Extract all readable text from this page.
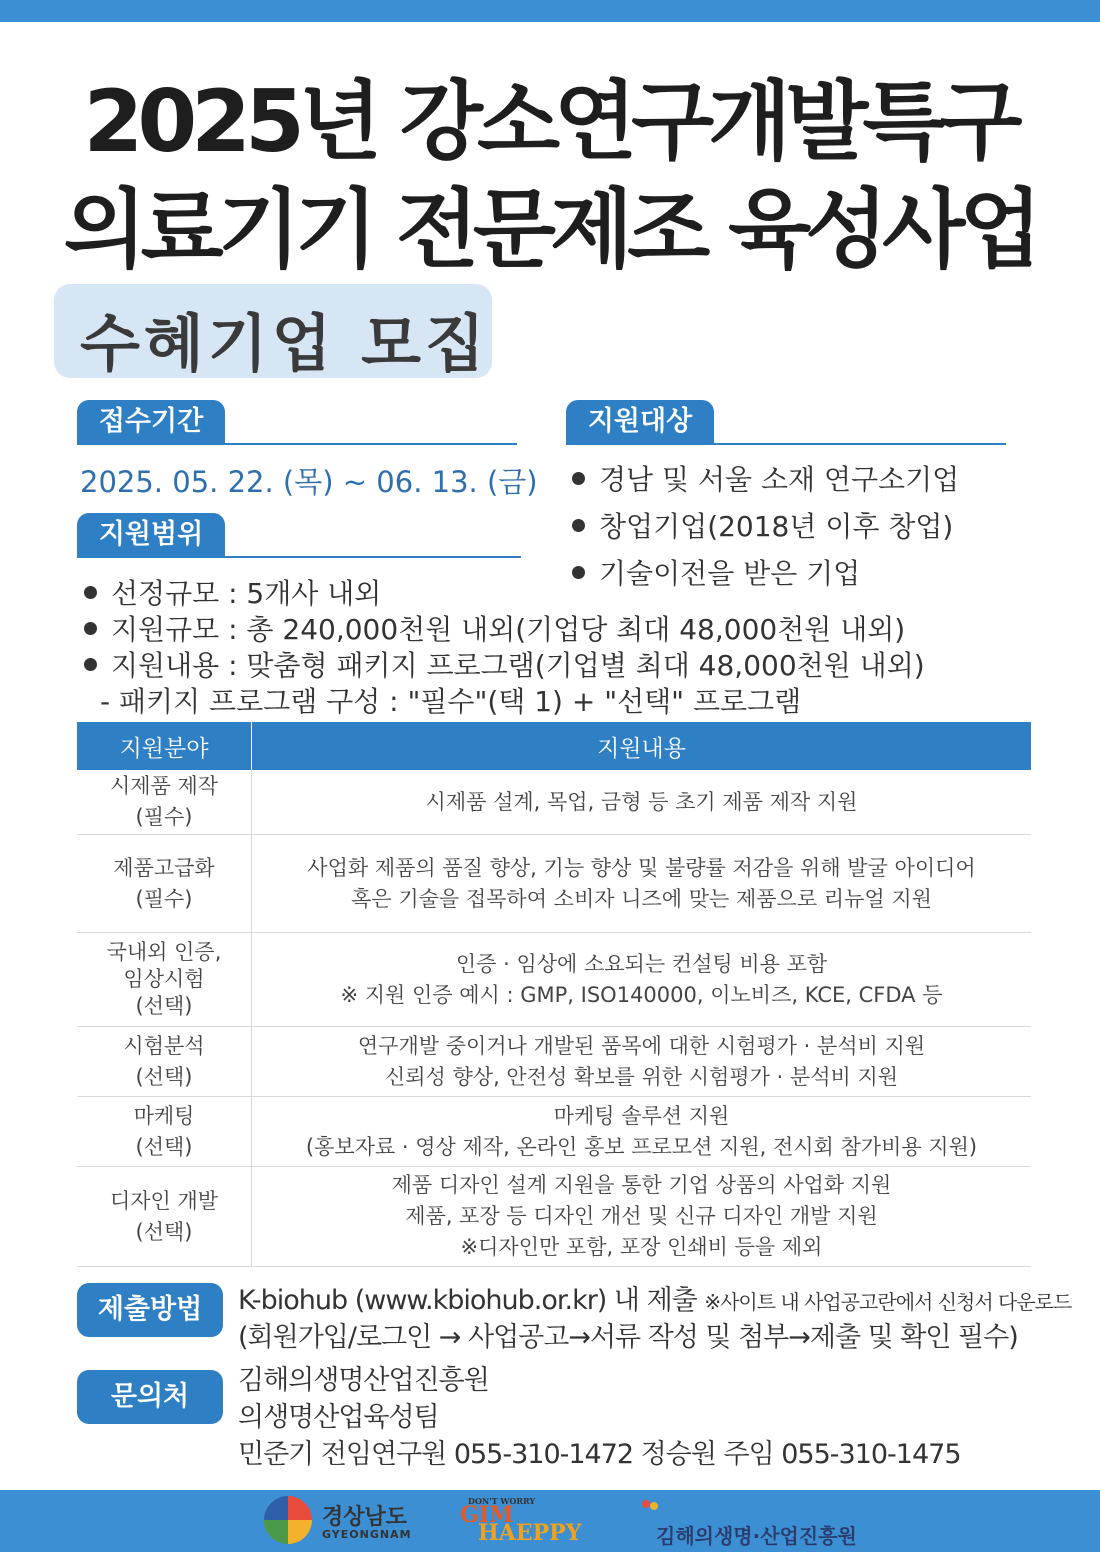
2025년 강소연구개발특구
의료기기 전문제조 육성사업
수혜기업 모집
접수기간
2025. 05. 22. (목) ~ 06. 13. (금)
지원대상
경남 및 서울 소재 연구소기업
창업기업(2018년 이후 창업)
기술이전을 받은 기업
지원범위
선정규모 : 5개사 내외
지원규모 : 총 240,000천원 내외(기업당 최대 48,000천원 내외)
지원내용 : 맞춤형 패키지 프로그램(기업별 최대 48,000천원 내외)
- 패키지 프로그램 구성 : "필수"(택 1) + "선택" 프로그램
지원분야	지원내용
시제품 제작
(필수)	시제품 설계, 목업, 금형 등 초기 제품 제작 지원
제품고급화
(필수)	사업화 제품의 품질 향상, 기능 향상 및 불량률 저감을 위해 발굴 아이디어
혹은 기술을 접목하여 소비자 니즈에 맞는 제품으로 리뉴얼 지원
국내외 인증,
임상시험
(선택)	인증 · 임상에 소요되는 컨설팅 비용 포함
※ 지원 인증 예시 : GMP, ISO140000, 이노비즈, KCE, CFDA 등
시험분석
(선택)	연구개발 중이거나 개발된 품목에 대한 시험평가 · 분석비 지원
신뢰성 향상, 안전성 확보를 위한 시험평가 · 분석비 지원
마케팅
(선택)	마케팅 솔루션 지원
(홍보자료 · 영상 제작, 온라인 홍보 프로모션 지원, 전시회 참가비용 지원)
디자인 개발
(선택)	제품 디자인 설계 지원을 통한 기업 상품의 사업화 지원
제품, 포장 등 디자인 개선 및 신규 디자인 개발 지원
※디자인만 포함, 포장 인쇄비 등을 제외
제출방법	K-biohub (www.kbiohub.or.kr) 내 제출 ※사이트 내 사업공고란에서 신청서 다운로드
(회원가입/로그인 → 사업공고→서류 작성 및 첨부→제출 및 확인 필수)
문의처
김해의생명산업진흥원
의생명산업육성팀
민준기 전임연구원 055-310-1472 정승원 주임 055-310-1475
경상남도
GYEONGNAM
DON'T WORRY
GIM
HAEPPY	김해의생명·산업진흥원
